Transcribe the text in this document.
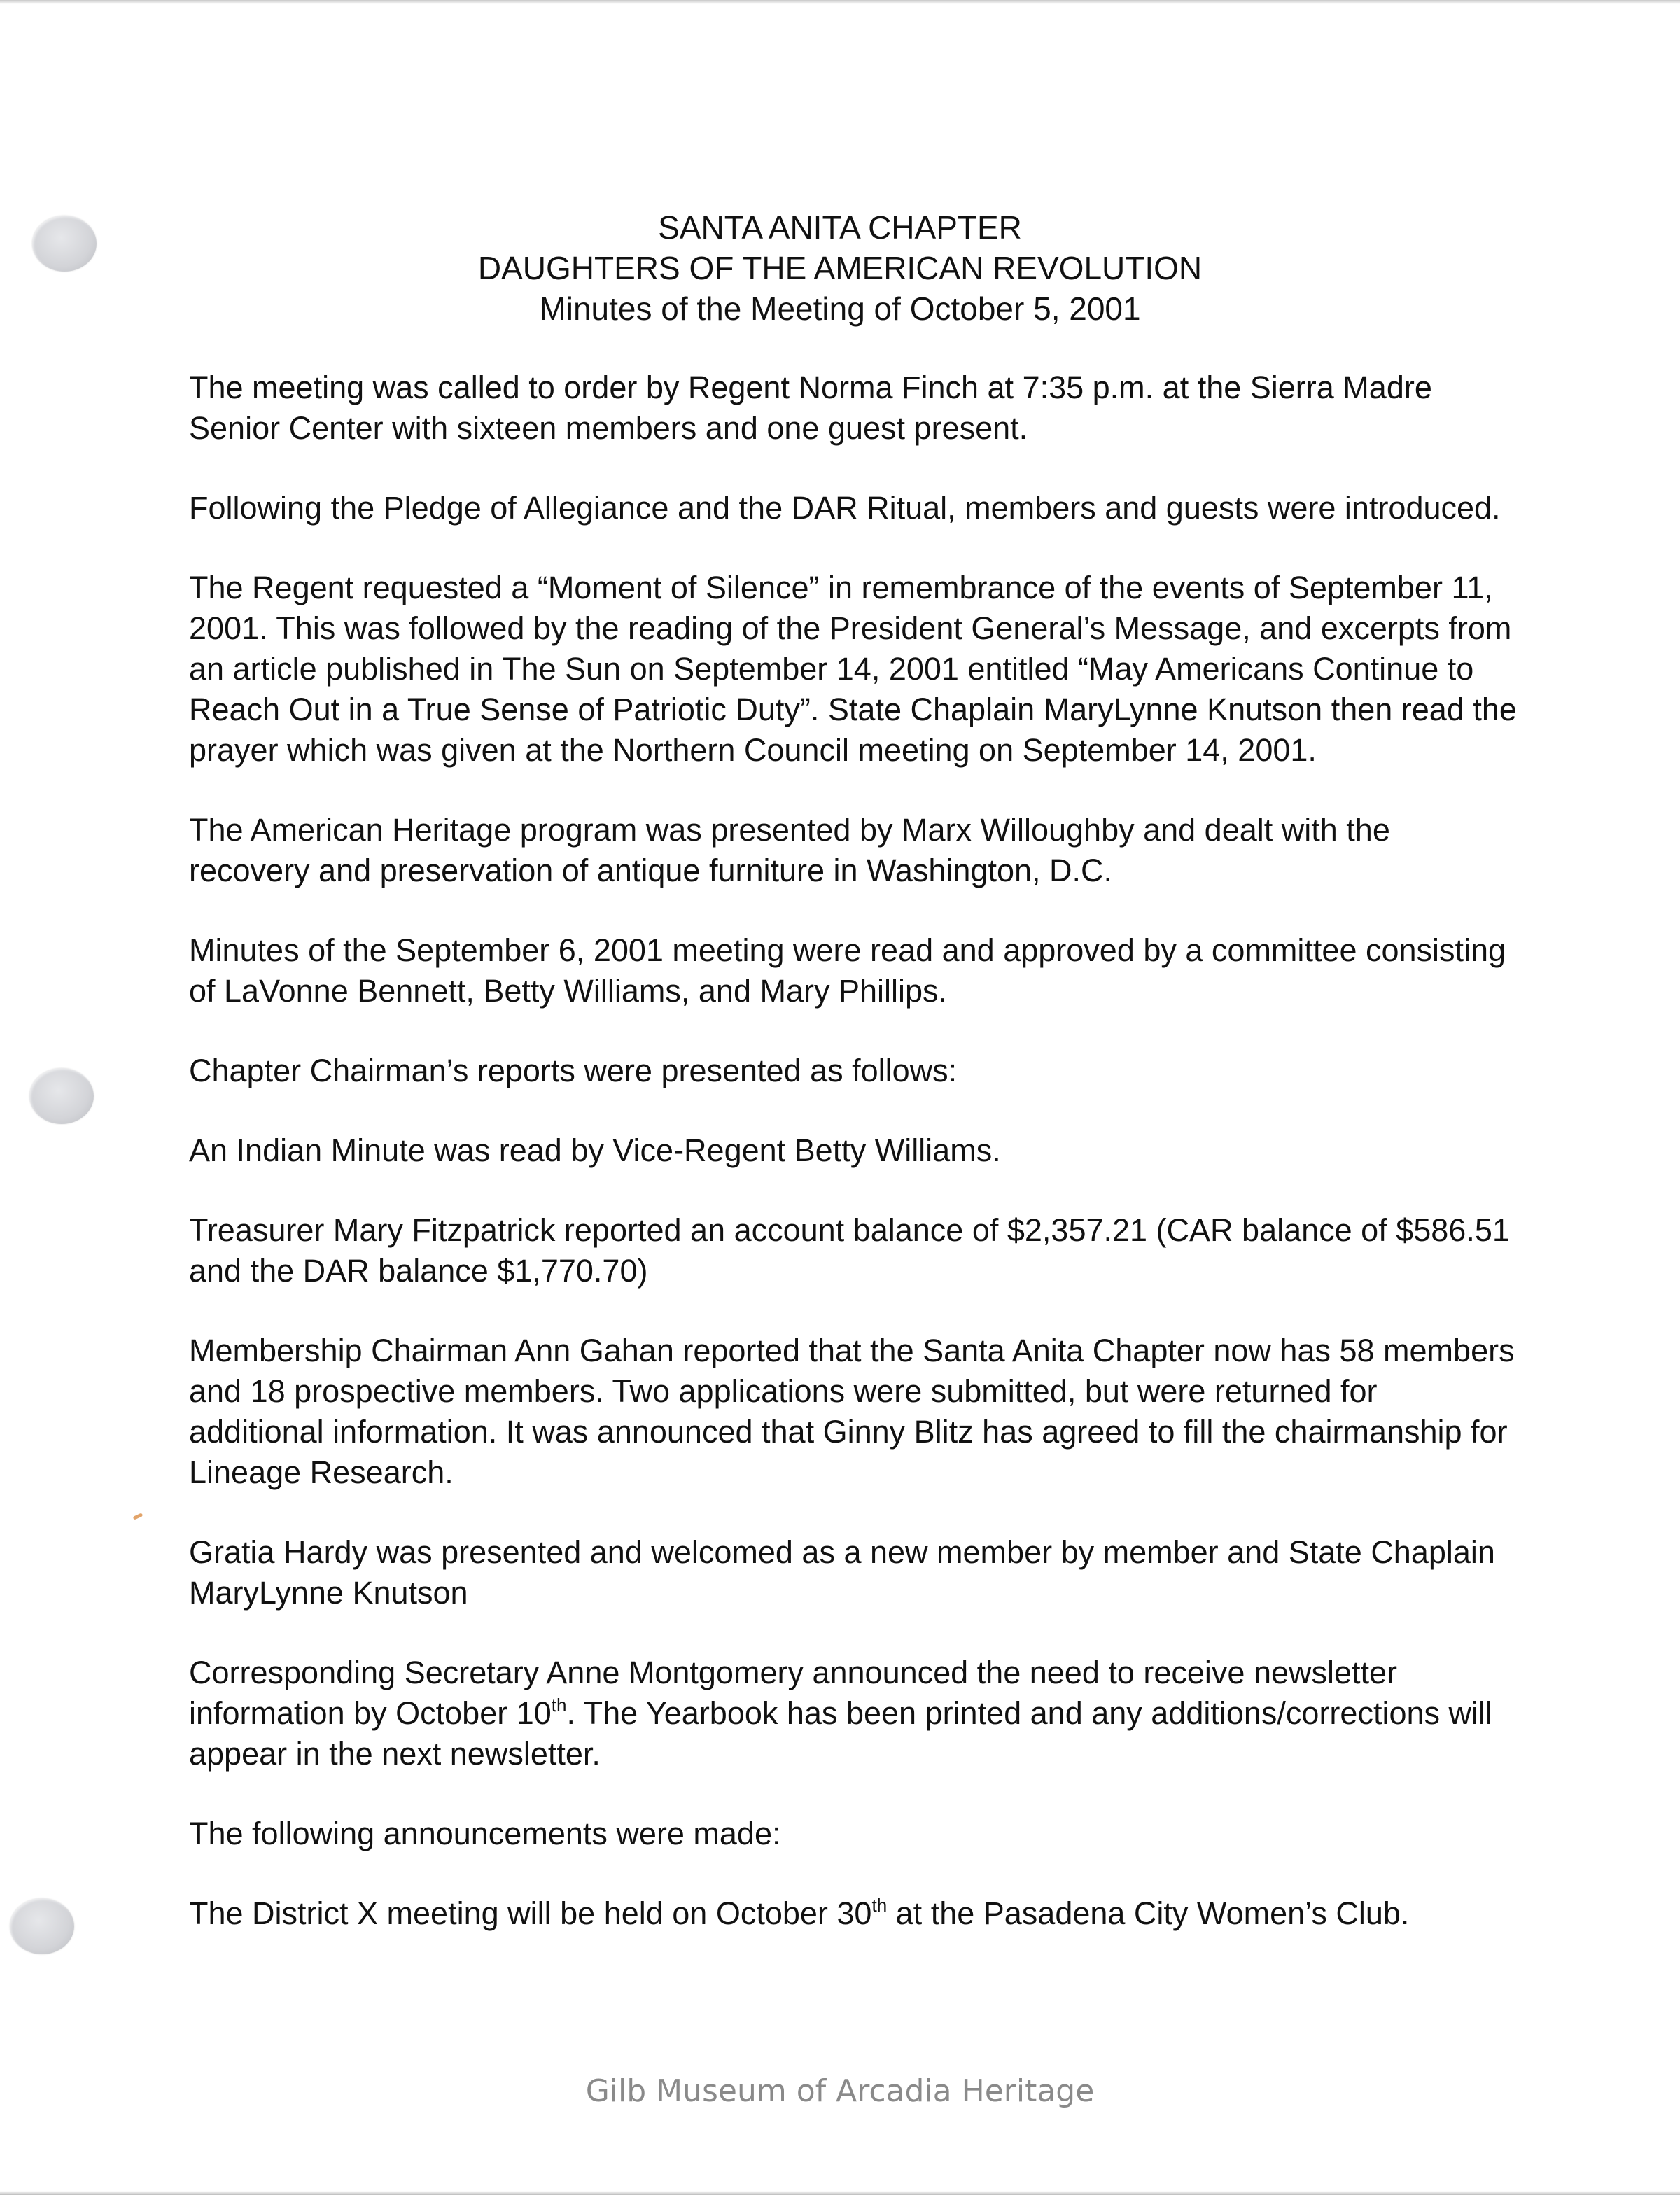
SANTA ANITA CHAPTER
DAUGHTERS OF THE AMERICAN REVOLUTION
Minutes of the Meeting of October 5, 2001

The meeting was called to order by Regent Norma Finch at 7:35 p.m. at the Sierra Madre Senior Center with sixteen members and one guest present.

Following the Pledge of Allegiance and the DAR Ritual, members and guests were introduced.

The Regent requested a “Moment of Silence” in remembrance of the events of September 11, 2001. This was followed by the reading of the President General’s Message, and excerpts from an article published in The Sun on September 14, 2001 entitled “May Americans Continue to Reach Out in a True Sense of Patriotic Duty”. State Chaplain MaryLynne Knutson then read the prayer which was given at the Northern Council meeting on September 14, 2001.

The American Heritage program was presented by Marx Willoughby and dealt with the recovery and preservation of antique furniture in Washington, D.C.

Minutes of the September 6, 2001 meeting were read and approved by a committee consisting of LaVonne Bennett, Betty Williams, and Mary Phillips.

Chapter Chairman’s reports were presented as follows:

An Indian Minute was read by Vice-Regent Betty Williams.

Treasurer Mary Fitzpatrick reported an account balance of $2,357.21 (CAR balance of $586.51 and the DAR balance $1,770.70)

Membership Chairman Ann Gahan reported that the Santa Anita Chapter now has 58 members and 18 prospective members. Two applications were submitted, but were returned for additional information. It was announced that Ginny Blitz has agreed to fill the chairmanship for Lineage Research.

Gratia Hardy was presented and welcomed as a new member by member and State Chaplain MaryLynne Knutson

Corresponding Secretary Anne Montgomery announced the need to receive newsletter information by October 10th. The Yearbook has been printed and any additions/corrections will appear in the next newsletter.

The following announcements were made:

The District X meeting will be held on October 30th at the Pasadena City Women’s Club.

Gilb Museum of Arcadia Heritage
